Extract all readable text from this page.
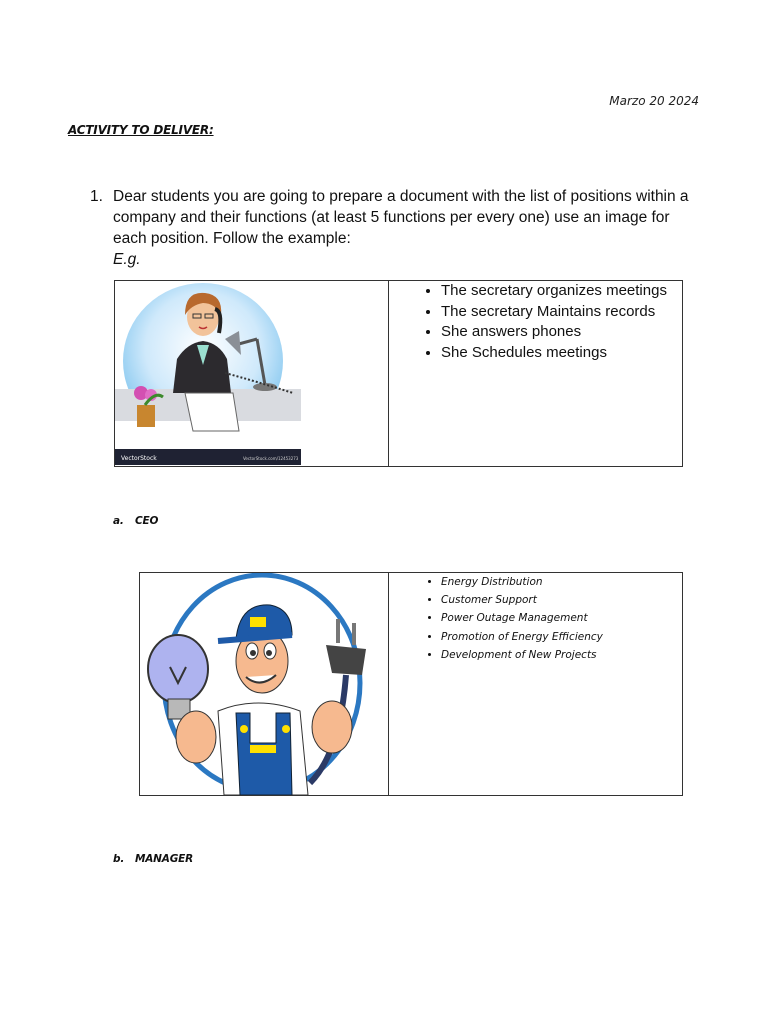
Marzo 20 2024
ACTIVITY TO DELIVER:
1. Dear students you are going to prepare a document with the list of positions within a company and their functions (at least 5 functions per every one) use an image for each position. Follow the example:
E.g.
VectorStock	VectorStock.com/12453273

• The secretary organizes meetings
• The secretary Maintains records
• She answers phones
• She Schedules meetings
a. CEO

• Energy Distribution
• Customer Support
• Power Outage Management
• Promotion of Energy Efficiency
• Development of New Projects
b. MANAGER
